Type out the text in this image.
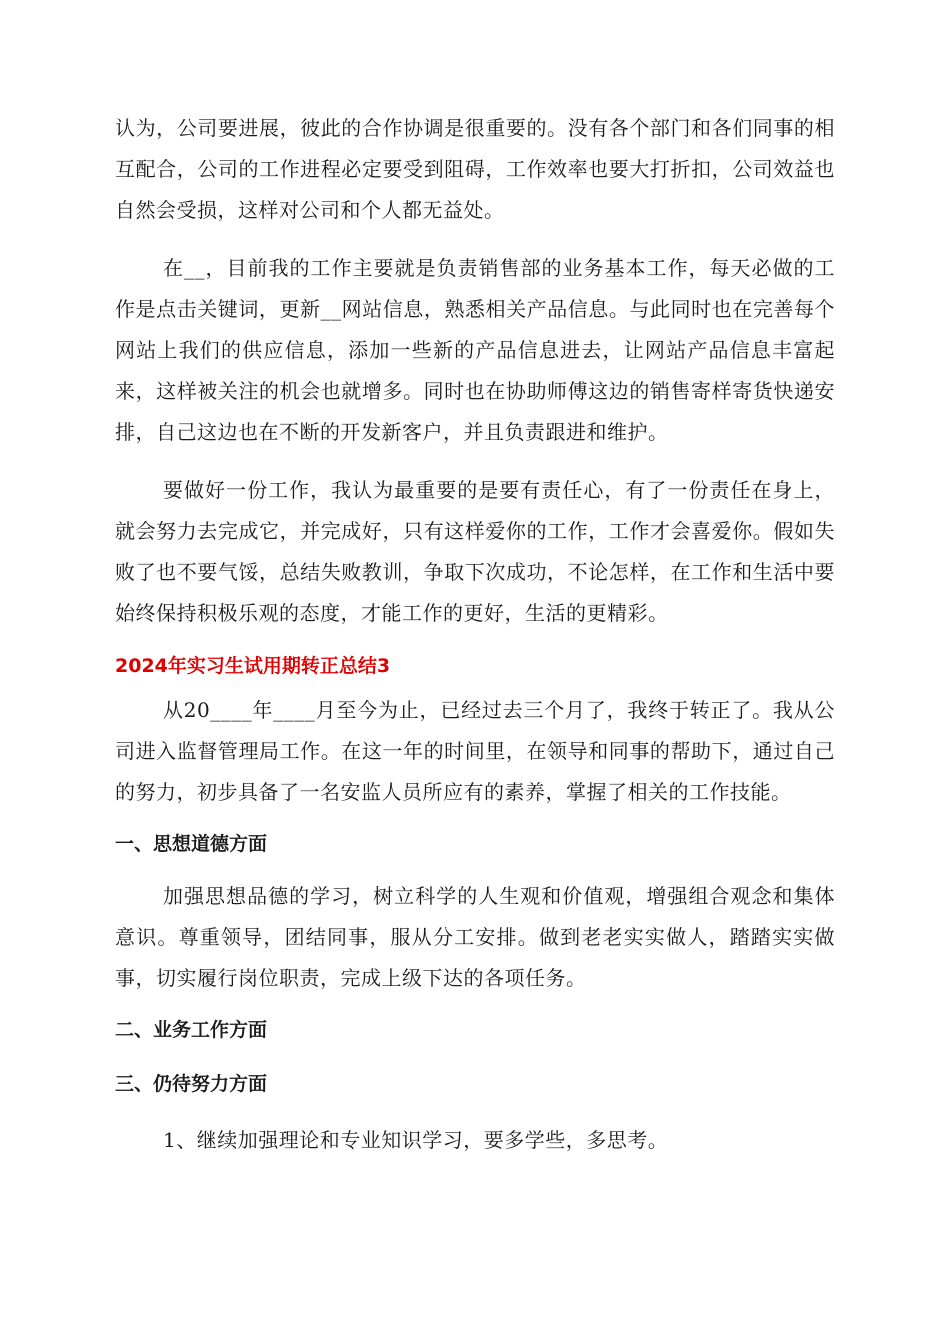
认为，公司要进展，彼此的合作协调是很重要的。没有各个部门和各们同事的相互配合，公司的工作进程必定要受到阻碍，工作效率也要大打折扣，公司效益也自然会受损，这样对公司和个人都无益处。

在__，目前我的工作主要就是负责销售部的业务基本工作，每天必做的工作是点击关键词，更新__网站信息，熟悉相关产品信息。与此同时也在完善每个网站上我们的供应信息，添加一些新的产品信息进去，让网站产品信息丰富起来，这样被关注的机会也就增多。同时也在协助师傅这边的销售寄样寄货快递安排，自己这边也在不断的开发新客户，并且负责跟进和维护。

要做好一份工作，我认为最重要的是要有责任心，有了一份责任在身上，就会努力去完成它，并完成好，只有这样爱你的工作，工作才会喜爱你。假如失败了也不要气馁，总结失败教训，争取下次成功，不论怎样，在工作和生活中要始终保持积极乐观的态度，才能工作的更好，生活的更精彩。

2024年实习生试用期转正总结3

从20____年____月至今为止，已经过去三个月了，我终于转正了。我从公司进入监督管理局工作。在这一年的时间里，在领导和同事的帮助下，通过自己的努力，初步具备了一名安监人员所应有的素养，掌握了相关的工作技能。

一、思想道德方面

加强思想品德的学习，树立科学的人生观和价值观，增强组合观念和集体意识。尊重领导，团结同事，服从分工安排。做到老老实实做人，踏踏实实做事，切实履行岗位职责，完成上级下达的各项任务。

二、业务工作方面
三、仍待努力方面

1、继续加强理论和专业知识学习，要多学些，多思考。
